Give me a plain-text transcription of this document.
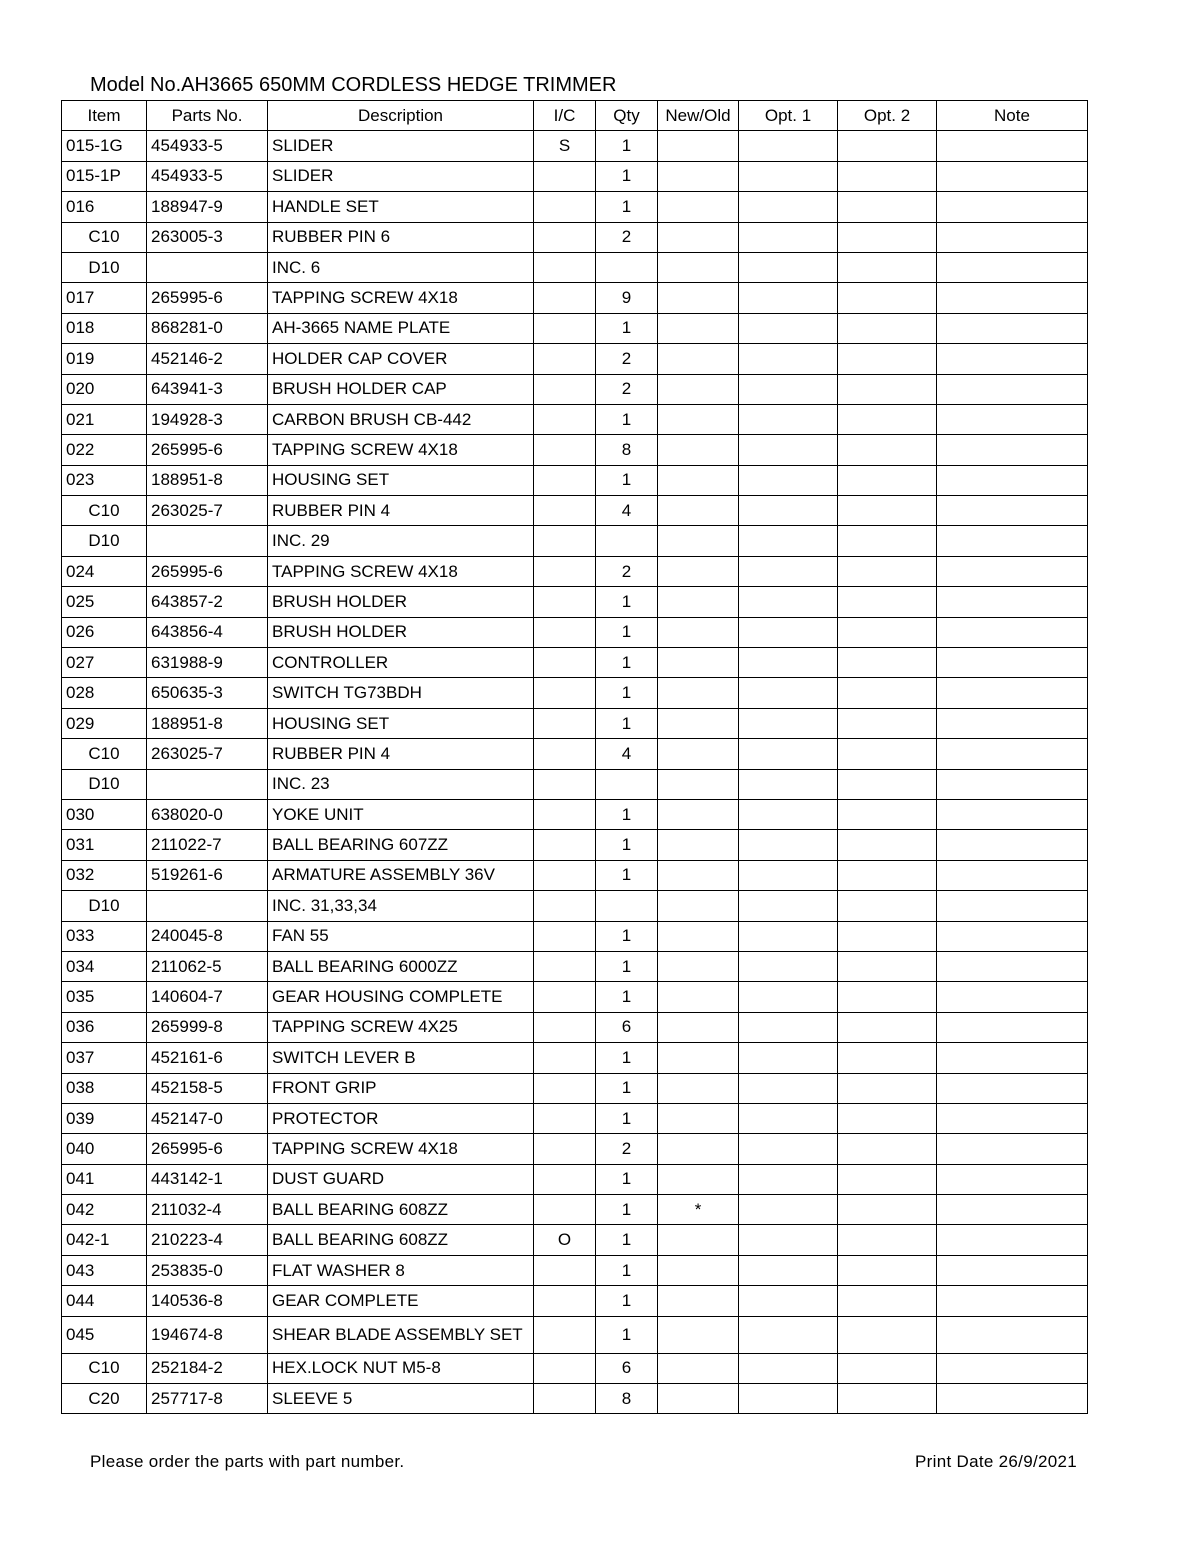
Model No.AH3665 650MM CORDLESS HEDGE TRIMMER
Item	Parts No.	Description	I/C	Qty	New/Old	Opt. 1	Opt. 2	Note
015-1G	454933-5	SLIDER	S	1				
015-1P	454933-5	SLIDER		1				
016	188947-9	HANDLE SET		1				
C10	263005-3	RUBBER PIN 6		2				
D10		INC. 6						
017	265995-6	TAPPING SCREW 4X18		9				
018	868281-0	AH-3665 NAME PLATE		1				
019	452146-2	HOLDER CAP COVER		2				
020	643941-3	BRUSH HOLDER CAP		2				
021	194928-3	CARBON BRUSH CB-442		1				
022	265995-6	TAPPING SCREW 4X18		8				
023	188951-8	HOUSING SET		1				
C10	263025-7	RUBBER PIN 4		4				
D10		INC. 29						
024	265995-6	TAPPING SCREW 4X18		2				
025	643857-2	BRUSH HOLDER		1				
026	643856-4	BRUSH HOLDER		1				
027	631988-9	CONTROLLER		1				
028	650635-3	SWITCH TG73BDH		1				
029	188951-8	HOUSING SET		1				
C10	263025-7	RUBBER PIN 4		4				
D10		INC. 23						
030	638020-0	YOKE UNIT		1				
031	211022-7	BALL BEARING 607ZZ		1				
032	519261-6	ARMATURE ASSEMBLY 36V		1				
D10		INC. 31,33,34						
033	240045-8	FAN 55		1				
034	211062-5	BALL BEARING 6000ZZ		1				
035	140604-7	GEAR HOUSING COMPLETE		1				
036	265999-8	TAPPING SCREW 4X25		6				
037	452161-6	SWITCH LEVER B		1				
038	452158-5	FRONT GRIP		1				
039	452147-0	PROTECTOR		1				
040	265995-6	TAPPING SCREW 4X18		2				
041	443142-1	DUST GUARD		1				
042	211032-4	BALL BEARING 608ZZ		1	*			
042-1	210223-4	BALL BEARING 608ZZ	O	1				
043	253835-0	FLAT WASHER 8		1				
044	140536-8	GEAR COMPLETE		1				
045	194674-8	SHEAR BLADE ASSEMBLY SET		1				
C10	252184-2	HEX.LOCK NUT M5-8		6				
C20	257717-8	SLEEVE 5		8				
Please order the parts with part number.	Print Date 26/9/2021
